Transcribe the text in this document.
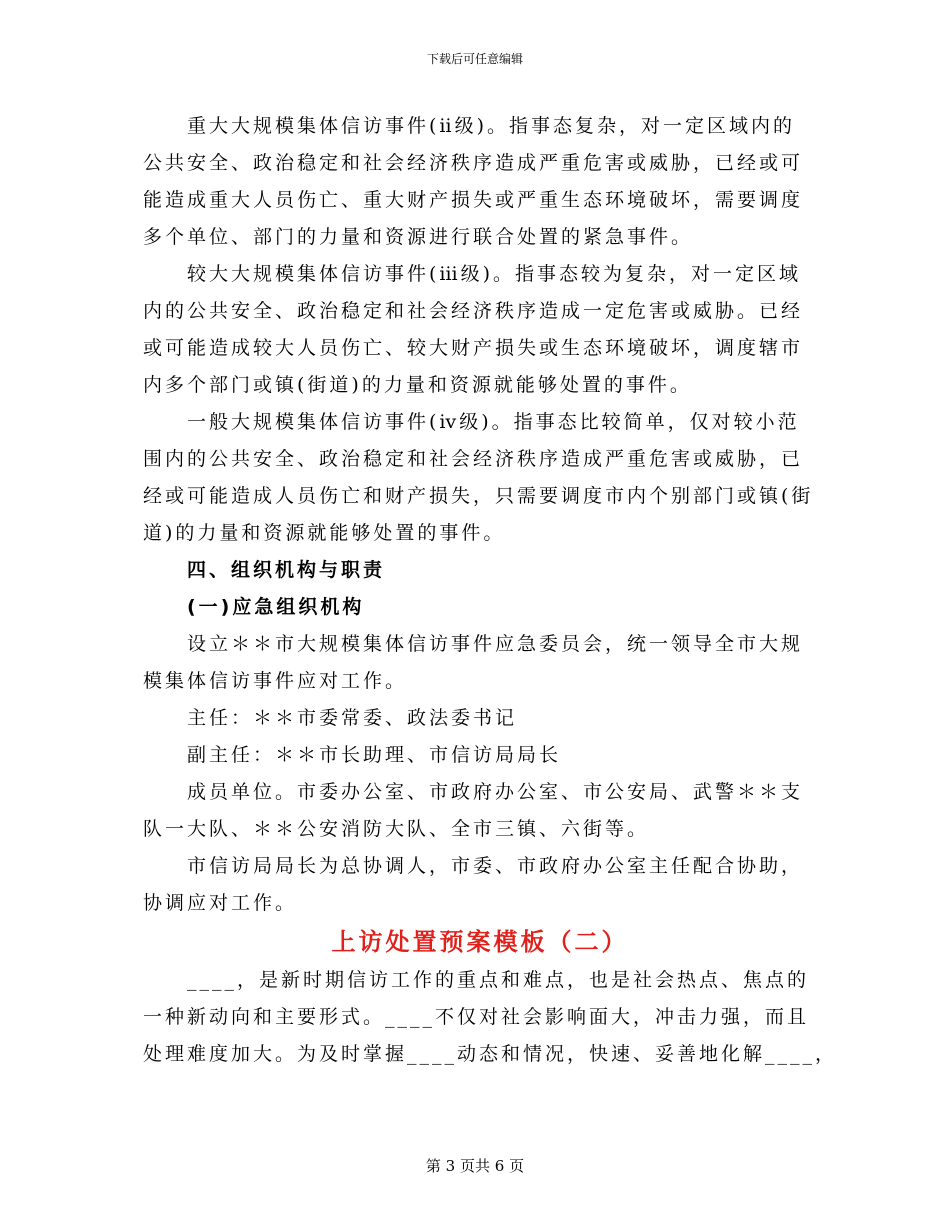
下载后可任意编辑

重大大规模集体信访事件(ⅱ级)。指事态复杂，对一定区域内的
公共安全、政治稳定和社会经济秩序造成严重危害或威胁，已经或可
能造成重大人员伤亡、重大财产损失或严重生态环境破坏，需要调度
多个单位、部门的力量和资源进行联合处置的紧急事件。

较大大规模集体信访事件(ⅲ级)。指事态较为复杂，对一定区域
内的公共安全、政治稳定和社会经济秩序造成一定危害或威胁。已经
或可能造成较大人员伤亡、较大财产损失或生态环境破坏，调度辖市
内多个部门或镇(街道)的力量和资源就能够处置的事件。

一般大规模集体信访事件(ⅳ级)。指事态比较简单，仅对较小范
围内的公共安全、政治稳定和社会经济秩序造成严重危害或威胁，已
经或可能造成人员伤亡和财产损失，只需要调度市内个别部门或镇(街
道)的力量和资源就能够处置的事件。

四、组织机构与职责

(一)应急组织机构

设立＊＊市大规模集体信访事件应急委员会，统一领导全市大规
模集体信访事件应对工作。

主任：＊＊市委常委、政法委书记

副主任：＊＊市长助理、市信访局局长

成员单位。市委办公室、市政府办公室、市公安局、武警＊＊支
队一大队、＊＊公安消防大队、全市三镇、六街等。

市信访局局长为总协调人，市委、市政府办公室主任配合协助，
协调应对工作。

上访处置预案模板（二）

____，是新时期信访工作的重点和难点，也是社会热点、焦点的
一种新动向和主要形式。____不仅对社会影响面大，冲击力强，而且
处理难度加大。为及时掌握____动态和情况，快速、妥善地化解____，

第 3 页共 6 页
